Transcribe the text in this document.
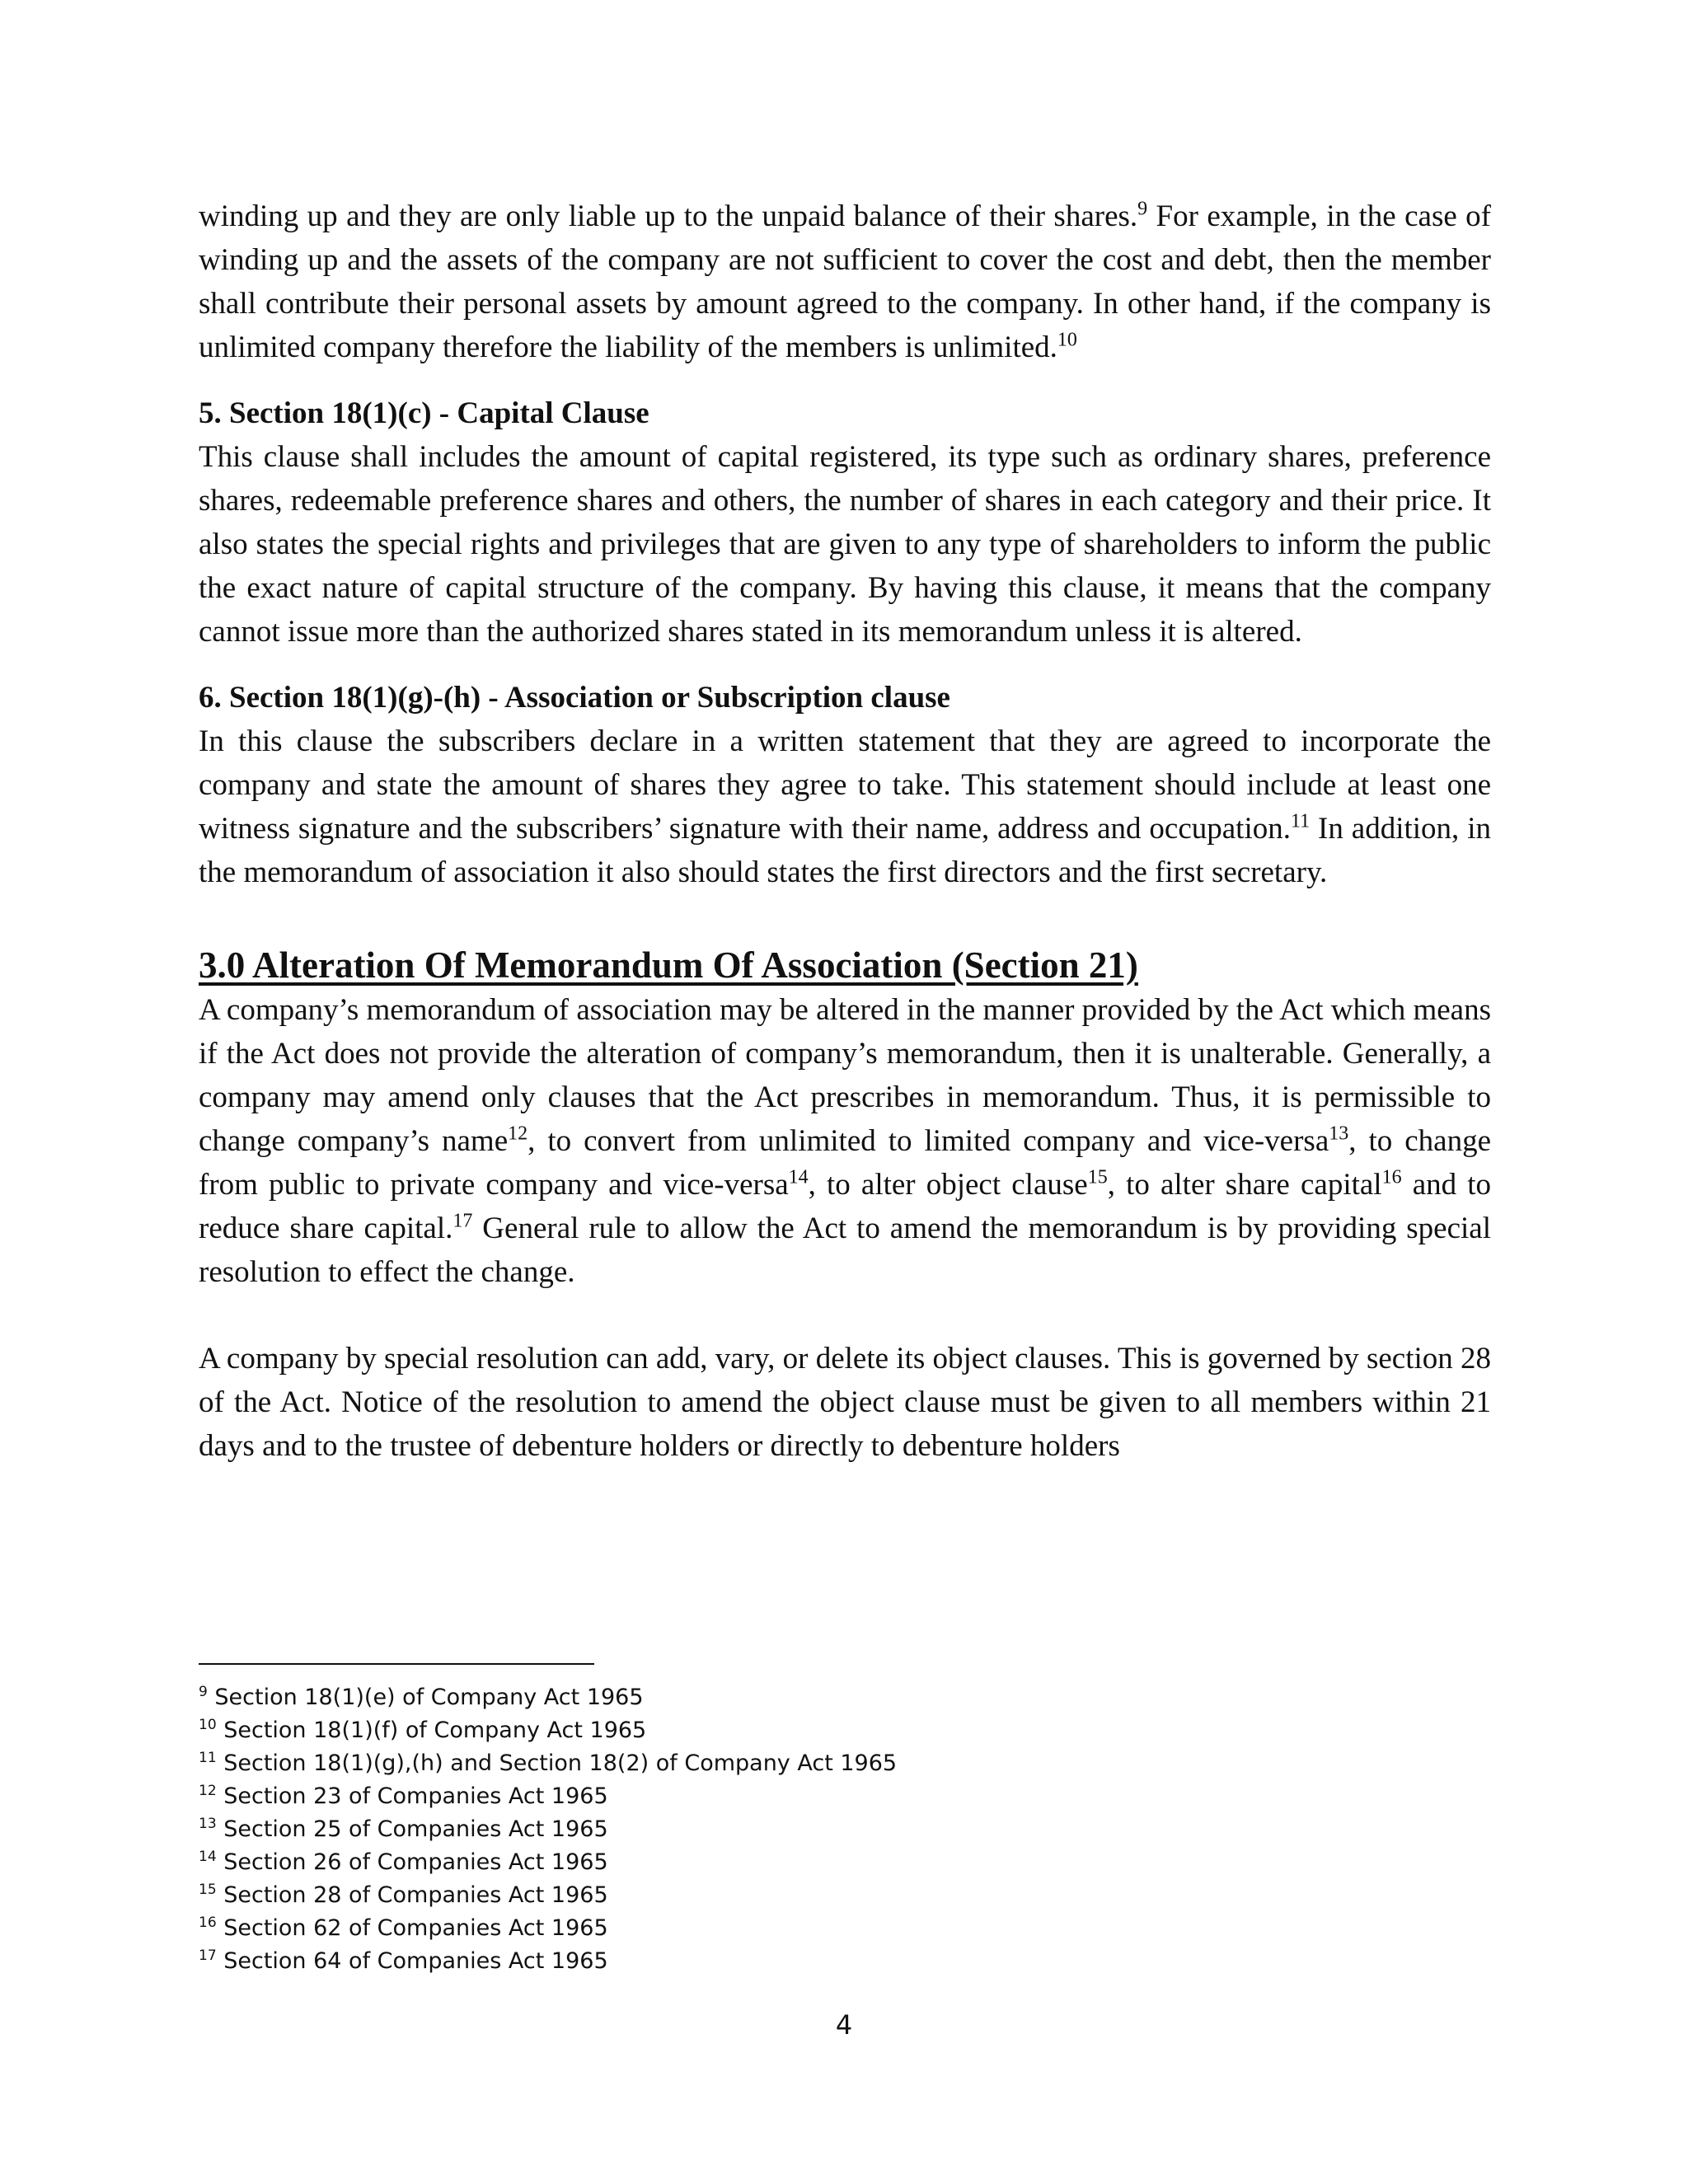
winding up and they are only liable up to the unpaid balance of their shares.$^9$ For example, in the case of winding up and the assets of the company are not sufficient to cover the cost and debt, then the member shall contribute their personal assets by amount agreed to the company. In other hand, if the company is unlimited company therefore the liability of the members is unlimited.$^{10}$

5. Section 18(1)(c) - Capital Clause

This clause shall includes the amount of capital registered, its type such as ordinary shares, preference shares, redeemable preference shares and others, the number of shares in each category and their price. It also states the special rights and privileges that are given to any type of shareholders to inform the public the exact nature of capital structure of the company. By having this clause, it means that the company cannot issue more than the authorized shares stated in its memorandum unless it is altered.

6. Section 18(1)(g)-(h) - Association or Subscription clause

In this clause the subscribers declare in a written statement that they are agreed to incorporate the company and state the amount of shares they agree to take. This statement should include at least one witness signature and the subscribers’ signature with their name, address and occupation.$^{11}$ In addition, in the memorandum of association it also should states the first directors and the first secretary.

3.0 Alteration Of Memorandum Of Association (Section 21)

A company’s memorandum of association may be altered in the manner provided by the Act which means if the Act does not provide the alteration of company’s memorandum, then it is unalterable. Generally, a company may amend only clauses that the Act prescribes in memorandum. Thus, it is permissible to change company’s name$^{12}$, to convert from unlimited to limited company and vice-versa$^{13}$, to change from public to private company and vice-versa$^{14}$, to alter object clause$^{15}$, to alter share capital$^{16}$ and to reduce share capital.$^{17}$ General rule to allow the Act to amend the memorandum is by providing special resolution to effect the change.

A company by special resolution can add, vary, or delete its object clauses. This is governed by section 28 of the Act. Notice of the resolution to amend the object clause must be given to all members within 21 days and to the trustee of debenture holders or directly to debenture holders

$^9$ Section 18(1)(e) of Company Act 1965
$^{10}$ Section 18(1)(f) of Company Act 1965
$^{11}$ Section 18(1)(g),(h) and Section 18(2) of Company Act 1965
$^{12}$ Section 23 of Companies Act 1965
$^{13}$ Section 25 of Companies Act 1965
$^{14}$ Section 26 of Companies Act 1965
$^{15}$ Section 28 of Companies Act 1965
$^{16}$ Section 62 of Companies Act 1965
$^{17}$ Section 64 of Companies Act 1965
4
